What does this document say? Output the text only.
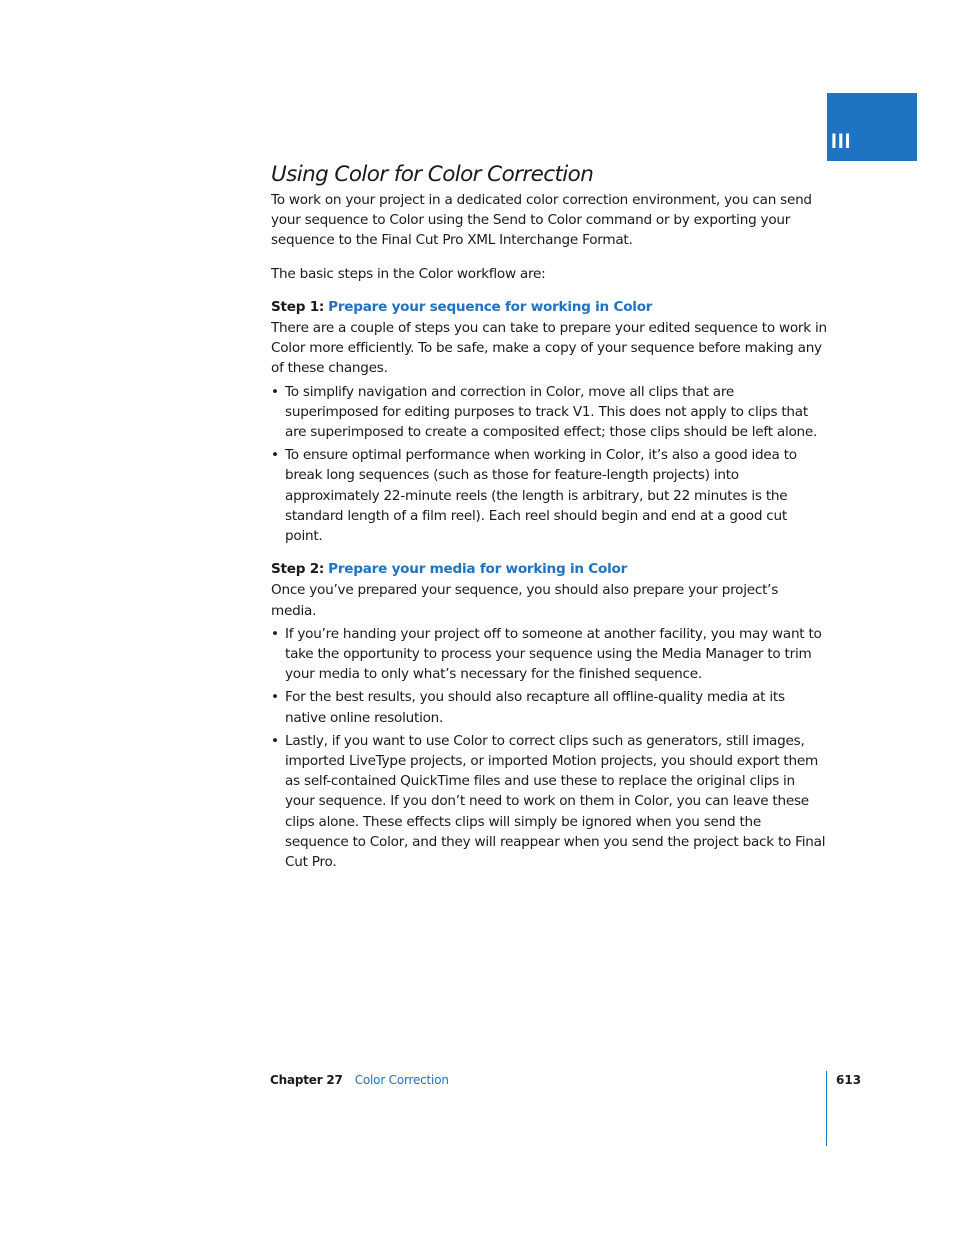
III
Using Color for Color Correction

To work on your project in a dedicated color correction environment, you can send your sequence to Color using the Send to Color command or by exporting your sequence to the Final Cut Pro XML Interchange Format.

The basic steps in the Color workflow are:

Step 1: Prepare your sequence for working in Color

There are a couple of steps you can take to prepare your edited sequence to work in Color more efficiently. To be safe, make a copy of your sequence before making any of these changes.

• To simplify navigation and correction in Color, move all clips that are superimposed for editing purposes to track V1. This does not apply to clips that are superimposed to create a composited effect; those clips should be left alone.
• To ensure optimal performance when working in Color, it’s also a good idea to break long sequences (such as those for feature-length projects) into approximately 22-minute reels (the length is arbitrary, but 22 minutes is the standard length of a film reel). Each reel should begin and end at a good cut point.
Step 2: Prepare your media for working in Color

Once you’ve prepared your sequence, you should also prepare your project’s media.

• If you’re handing your project off to someone at another facility, you may want to take the opportunity to process your sequence using the Media Manager to trim your media to only what’s necessary for the finished sequence.
• For the best results, you should also recapture all offline-quality media at its native online resolution.
• Lastly, if you want to use Color to correct clips such as generators, still images, imported LiveType projects, or imported Motion projects, you should export them as self-contained QuickTime files and use these to replace the original clips in your sequence. If you don’t need to work on them in Color, you can leave these clips alone. These effects clips will simply be ignored when you send the sequence to Color, and they will reappear when you send the project back to Final Cut Pro.
Chapter 27 Color Correction	613
